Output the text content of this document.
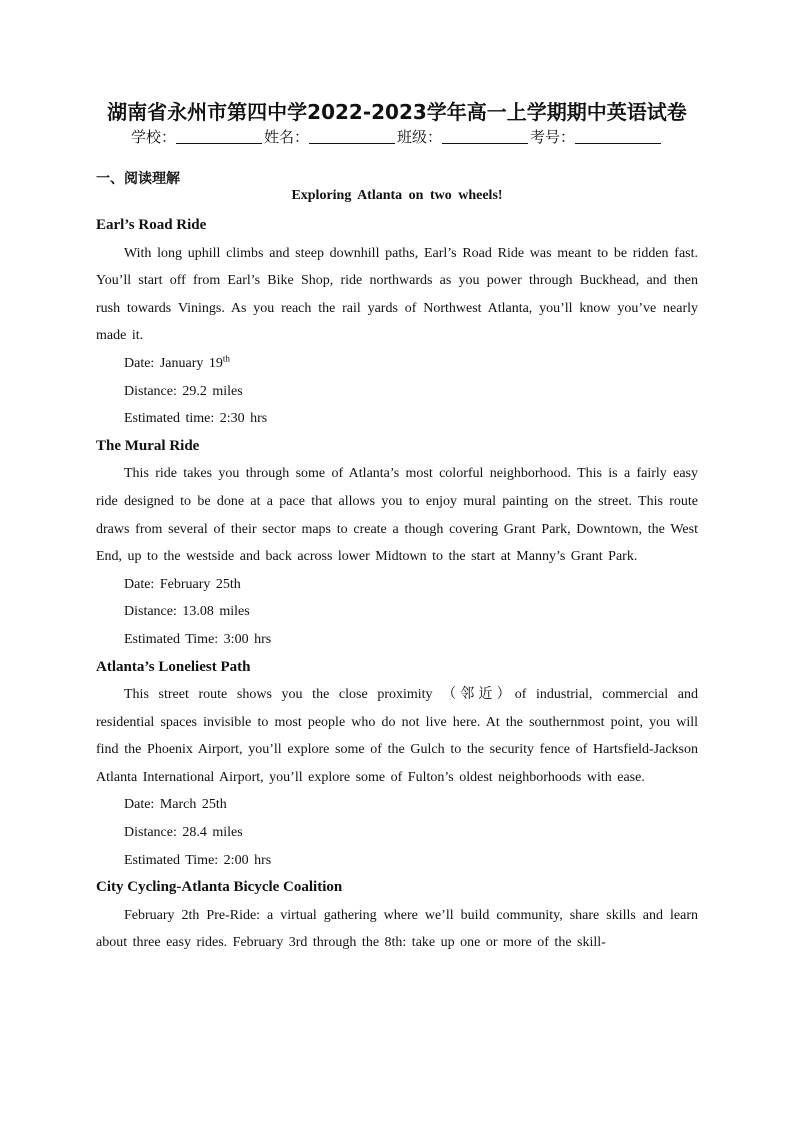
湖南省永州市第四中学2022-2023学年高一上学期期中英语试卷
学校：	姓名：	班级：	考号：
一、阅读理解
Exploring Atlanta on two wheels!

Earl’s Road Ride

With long uphill climbs and steep downhill paths, Earl’s Road Ride was meant to be ridden fast. You’ll start off from Earl’s Bike Shop, ride northwards as you power through Buckhead, and then rush towards Vinings. As you reach the rail yards of Northwest Atlanta, you’ll know you’ve nearly made it.

Date: January 19th

Distance: 29.2 miles

Estimated time: 2:30 hrs

The Mural Ride

This ride takes you through some of Atlanta’s most colorful neighborhood. This is a fairly easy ride designed to be done at a pace that allows you to enjoy mural painting on the street. This route draws from several of their sector maps to create a though covering Grant Park, Downtown, the West End, up to the westside and back across lower Midtown to the start at Manny’s Grant Park.

Date: February 25th

Distance: 13.08 miles

Estimated Time: 3:00 hrs

Atlanta’s Loneliest Path

This street route shows you the close proximity （邻近）of industrial, commercial and residential spaces invisible to most people who do not live here. At the southernmost point, you will find the Phoenix Airport, you’ll explore some of the Gulch to the security fence of Hartsfield-Jackson Atlanta International Airport, you’ll explore some of Fulton’s oldest neighborhoods with ease.

Date: March 25th

Distance: 28.4 miles

Estimated Time: 2:00 hrs

City Cycling-Atlanta Bicycle Coalition

February 2th Pre-Ride: a virtual gathering where we’ll build community, share skills and learn about three easy rides. February 3rd through the 8th: take up one or more of the skill-
